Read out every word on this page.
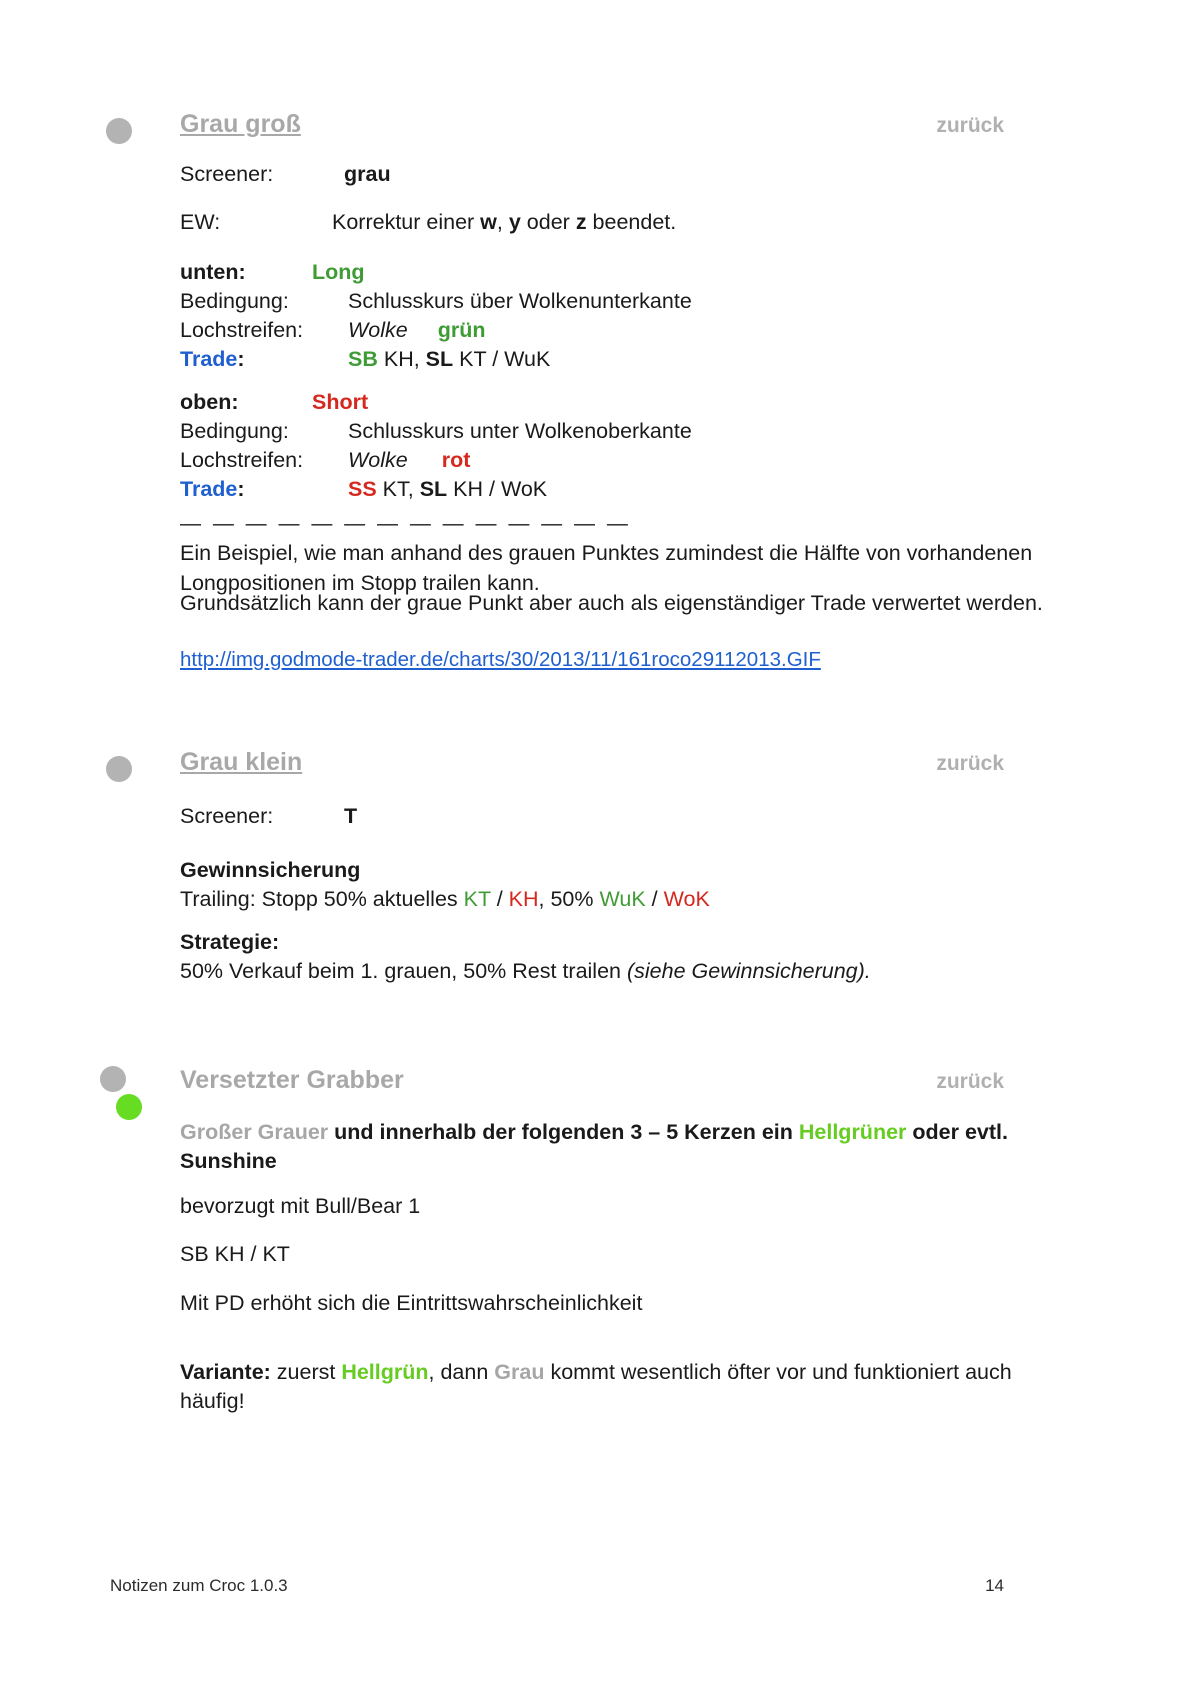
Grau groß	zurück
Screener:	grau
EW:	Korrektur einer w, y oder z beendet.
unten:	Long
Bedingung:	Schlusskurs über Wolkenunterkante
Lochstreifen: Wolke grün
Trade:	SB KH, SL KT / WuK
oben:	Short
Bedingung:	Schlusskurs unter Wolkenoberkante
Lochstreifen: Wolke rot
Trade:	SS KT, SL KH / WoK
— — — — — — — — — — — — — —
Ein Beispiel, wie man anhand des grauen Punktes zumindest die Hälfte von vorhandenen Longpositionen im Stopp trailen kann.
Grundsätzlich kann der graue Punkt aber auch als eigenständiger Trade verwertet werden.
http://img.godmode-trader.de/charts/30/2013/11/161roco29112013.GIF
Grau klein	zurück
Screener:	T
Gewinnsicherung
Trailing: Stopp 50% aktuelles KT / KH, 50% WuK / WoK
Strategie:
50% Verkauf beim 1. grauen, 50% Rest trailen (siehe Gewinnsicherung).
Versetzter Grabber	zurück
Großer Grauer und innerhalb der folgenden 3 – 5 Kerzen ein Hellgrüner oder evtl.
Sunshine
bevorzugt mit Bull/Bear 1
SB KH / KT
Mit PD erhöht sich die Eintrittswahrscheinlichkeit
Variante: zuerst Hellgrün, dann Grau kommt wesentlich öfter vor und funktioniert auch
häufig!
Notizen zum Croc 1.0.3	14
